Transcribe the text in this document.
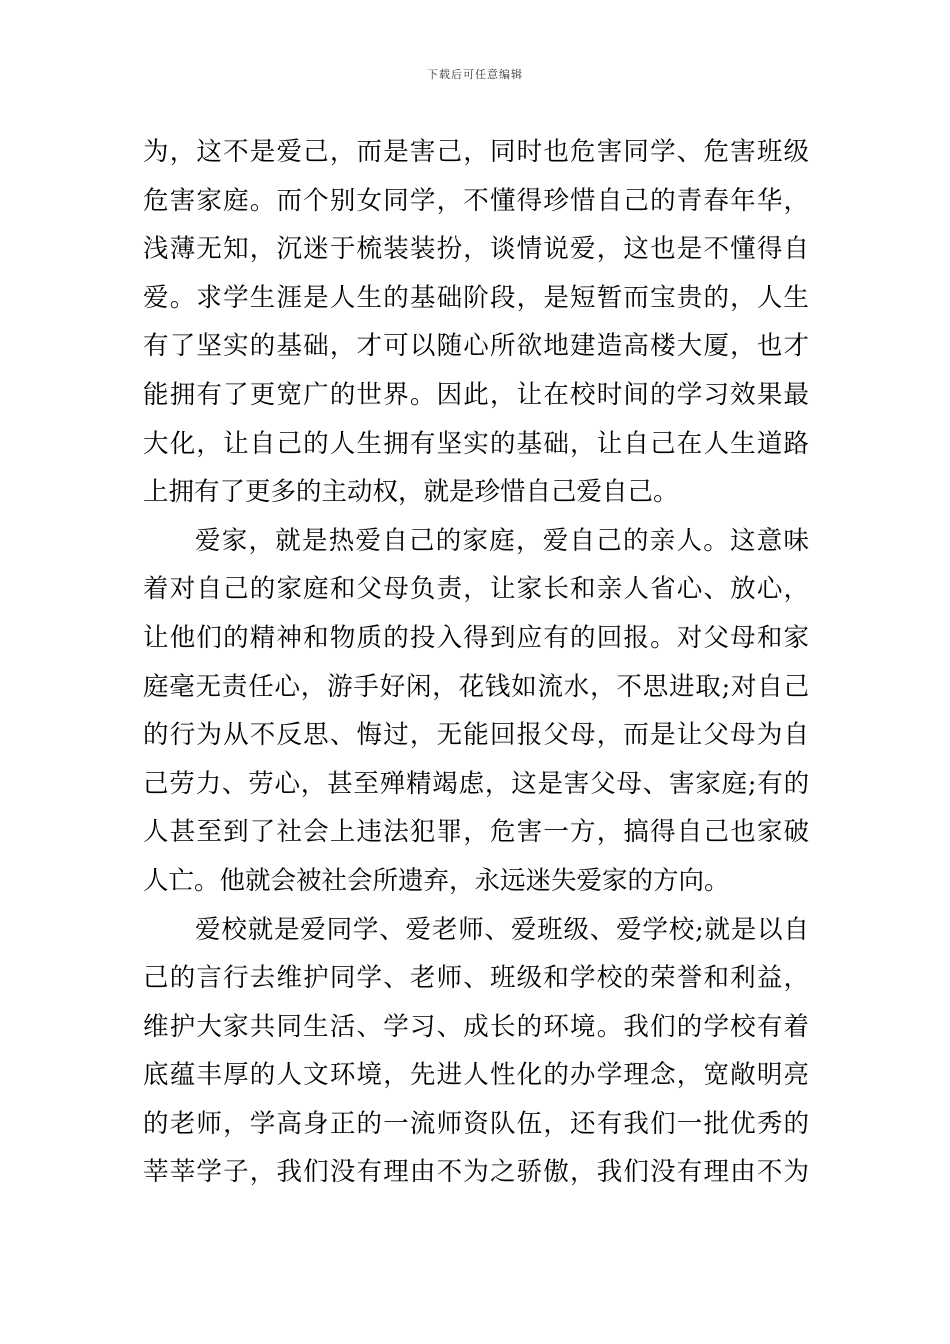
下载后可任意编辑
为，这不是爱己，而是害己，同时也危害同学、危害班级
危害家庭。而个别女同学，不懂得珍惜自己的青春年华，
浅薄无知，沉迷于梳装装扮，谈情说爱，这也是不懂得自
爱。求学生涯是人生的基础阶段，是短暂而宝贵的，人生
有了坚实的基础，才可以随心所欲地建造高楼大厦，也才
能拥有了更宽广的世界。因此，让在校时间的学习效果最
大化，让自己的人生拥有坚实的基础，让自己在人生道路
上拥有了更多的主动权，就是珍惜自己爱自己。
爱家，就是热爱自己的家庭，爱自己的亲人。这意味
着对自己的家庭和父母负责，让家长和亲人省心、放心，
让他们的精神和物质的投入得到应有的回报。对父母和家
庭毫无责任心，游手好闲，花钱如流水，不思进取;对自己
的行为从不反思、悔过，无能回报父母，而是让父母为自
己劳力、劳心，甚至殚精竭虑，这是害父母、害家庭;有的
人甚至到了社会上违法犯罪，危害一方，搞得自己也家破
人亡。他就会被社会所遗弃，永远迷失爱家的方向。
爱校就是爱同学、爱老师、爱班级、爱学校;就是以自
己的言行去维护同学、老师、班级和学校的荣誉和利益，
维护大家共同生活、学习、成长的环境。我们的学校有着
底蕴丰厚的人文环境，先进人性化的办学理念，宽敞明亮
的老师，学高身正的一流师资队伍，还有我们一批优秀的
莘莘学子，我们没有理由不为之骄傲，我们没有理由不为
